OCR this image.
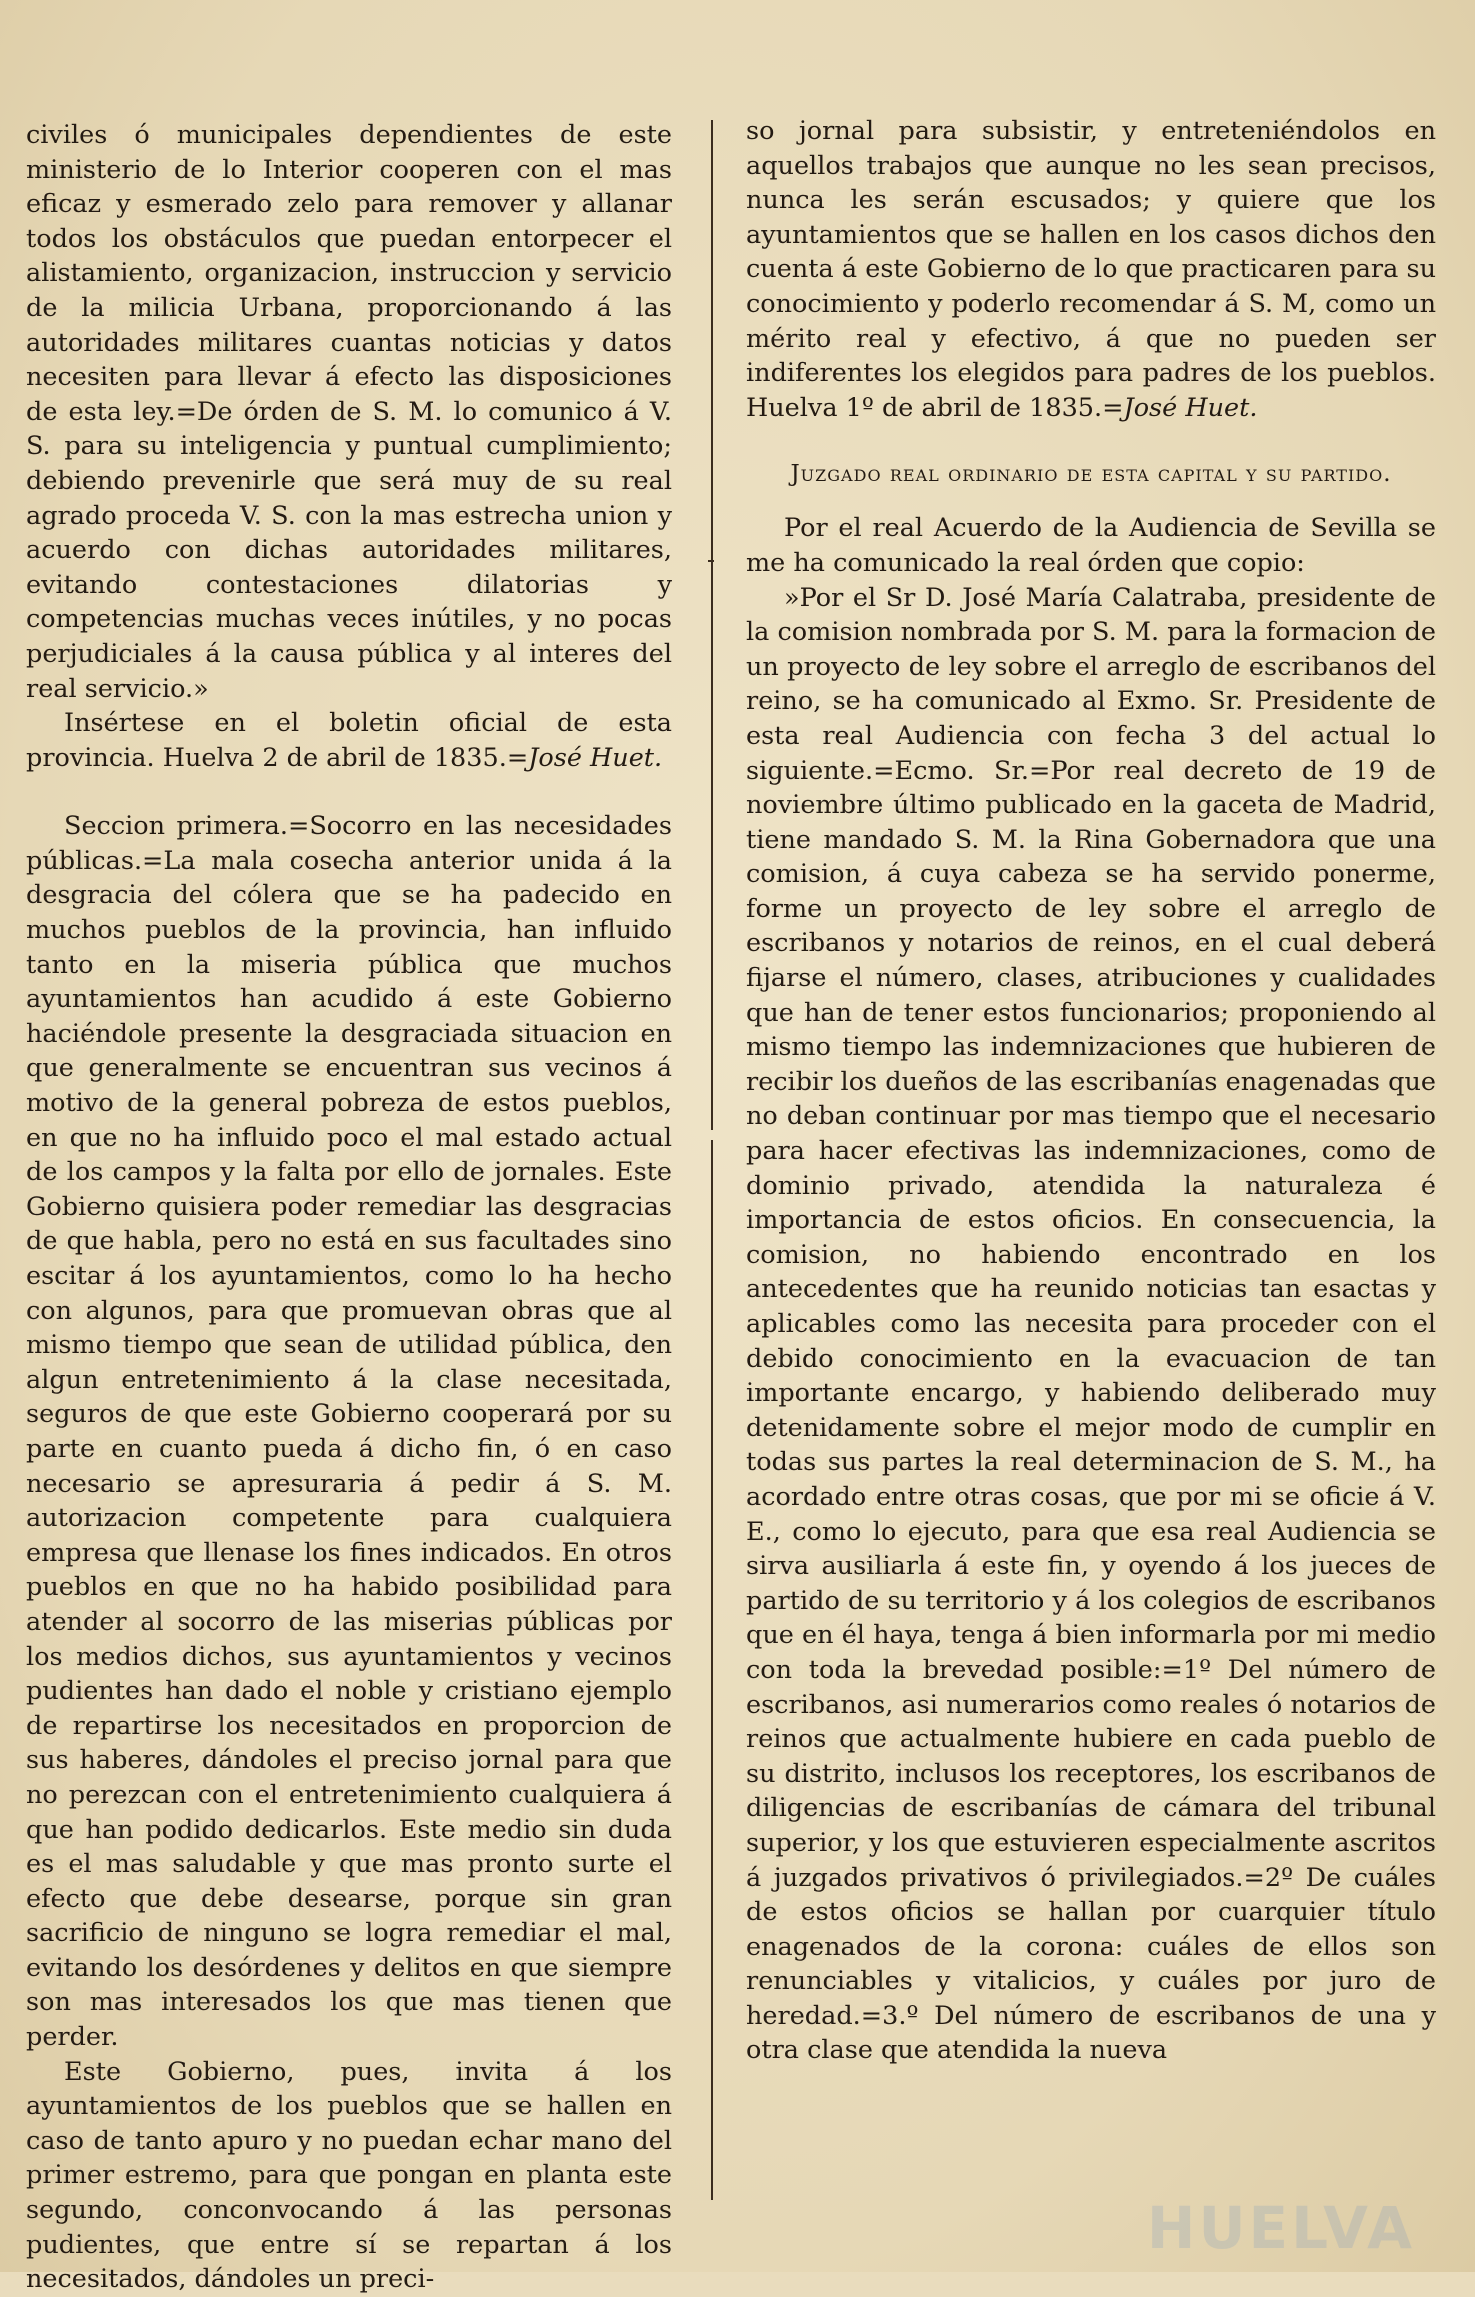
civiles ó municipales dependientes de este ministerio de lo Interior cooperen con el mas eficaz y esmerado zelo para remover y allanar todos los obstáculos que puedan entorpecer el alistamiento, organizacion, instruccion y servicio de la milicia Urbana, proporcionando á las autoridades militares cuantas noticias y datos necesiten para llevar á efecto las disposiciones de esta ley.=De órden de S. M. lo comunico á V. S. para su inteligencia y puntual cumplimiento; debiendo prevenirle que será muy de su real agrado proceda V. S. con la mas estrecha union y acuerdo con dichas autoridades militares, evitando contestaciones dilatorias y competencias muchas veces inútiles, y no pocas perjudiciales á la causa pública y al interes del real servicio.»

Insértese en el boletin oficial de esta provincia. Huelva 2 de abril de 1835.=José Huet.

Seccion primera.=Socorro en las necesidades públicas.=La mala cosecha anterior unida á la desgracia del cólera que se ha padecido en muchos pueblos de la provincia, han influido tanto en la miseria pública que muchos ayuntamientos han acudido á este Gobierno haciéndole presente la desgraciada situacion en que generalmente se encuentran sus vecinos á motivo de la general pobreza de estos pueblos, en que no ha influido poco el mal estado actual de los campos y la falta por ello de jornales. Este Gobierno quisiera poder remediar las desgracias de que habla, pero no está en sus facultades sino escitar á los ayuntamientos, como lo ha hecho con algunos, para que promuevan obras que al mismo tiempo que sean de utilidad pública, den algun entretenimiento á la clase necesitada, seguros de que este Gobierno cooperará por su parte en cuanto pueda á dicho fin, ó en caso necesario se apresuraria á pedir á S. M. autorizacion competente para cualquiera empresa que llenase los fines indicados. En otros pueblos en que no ha habido posibilidad para atender al socorro de las miserias públicas por los medios dichos, sus ayuntamientos y vecinos pudientes han dado el noble y cristiano ejemplo de repartirse los necesitados en proporcion de sus haberes, dándoles el preciso jornal para que no perezcan con el entretenimiento cualquiera á que han podido dedicarlos. Este medio sin duda es el mas saludable y que mas pronto surte el efecto que debe desearse, porque sin gran sacrificio de ninguno se logra remediar el mal, evitando los desórdenes y delitos en que siempre son mas interesados los que mas tienen que perder.

Este Gobierno, pues, invita á los ayuntamientos de los pueblos que se hallen en caso de tanto apuro y no puedan echar mano del primer estremo, para que pongan en planta este segundo, conconvocando á las personas pudientes, que entre sí se repartan á los necesitados, dándoles un preci-

so jornal para subsistir, y entreteniéndolos en aquellos trabajos que aunque no les sean precisos, nunca les serán escusados; y quiere que los ayuntamientos que se hallen en los casos dichos den cuenta á este Gobierno de lo que practicaren para su conocimiento y poderlo recomendar á S. M, como un mérito real y efectivo, á que no pueden ser indiferentes los elegidos para padres de los pueblos. Huelva 1º de abril de 1835.=José Huet.

Juzgado real ordinario de esta capital y su partido.

Por el real Acuerdo de la Audiencia de Sevilla se me ha comunicado la real órden que copio:

»Por el Sr D. José María Calatraba, presidente de la comision nombrada por S. M. para la formacion de un proyecto de ley sobre el arreglo de escribanos del reino, se ha comunicado al Exmo. Sr. Presidente de esta real Audiencia con fecha 3 del actual lo siguiente.=Ecmo. Sr.=Por real decreto de 19 de noviembre último publicado en la gaceta de Madrid, tiene mandado S. M. la Rina Gobernadora que una comision, á cuya cabeza se ha servido ponerme, forme un proyecto de ley sobre el arreglo de escribanos y notarios de reinos, en el cual deberá fijarse el número, clases, atribuciones y cualidades que han de tener estos funcionarios; proponiendo al mismo tiempo las indemnizaciones que hubieren de recibir los dueños de las escribanías enagenadas que no deban continuar por mas tiempo que el necesario para hacer efectivas las indemnizaciones, como de dominio privado, atendida la naturaleza é importancia de estos oficios. En consecuencia, la comision, no habiendo encontrado en los antecedentes que ha reunido noticias tan esactas y aplicables como las necesita para proceder con el debido conocimiento en la evacuacion de tan importante encargo, y habiendo deliberado muy detenidamente sobre el mejor modo de cumplir en todas sus partes la real determinacion de S. M., ha acordado entre otras cosas, que por mi se oficie á V. E., como lo ejecuto, para que esa real Audiencia se sirva ausiliarla á este fin, y oyendo á los jueces de partido de su territorio y á los colegios de escribanos que en él haya, tenga á bien informarla por mi medio con toda la brevedad posible:=1º Del número de escribanos, asi numerarios como reales ó notarios de reinos que actualmente hubiere en cada pueblo de su distrito, inclusos los receptores, los escribanos de diligencias de escribanías de cámara del tribunal superior, y los que estuvieren especialmente ascritos á juzgados privativos ó privilegiados.=2º De cuáles de estos oficios se hallan por cuarquier título enagenados de la corona: cuáles de ellos son renunciables y vitalicios, y cuáles por juro de heredad.=3.º Del número de escribanos de una y otra clase que atendida la nueva

HUELVA
